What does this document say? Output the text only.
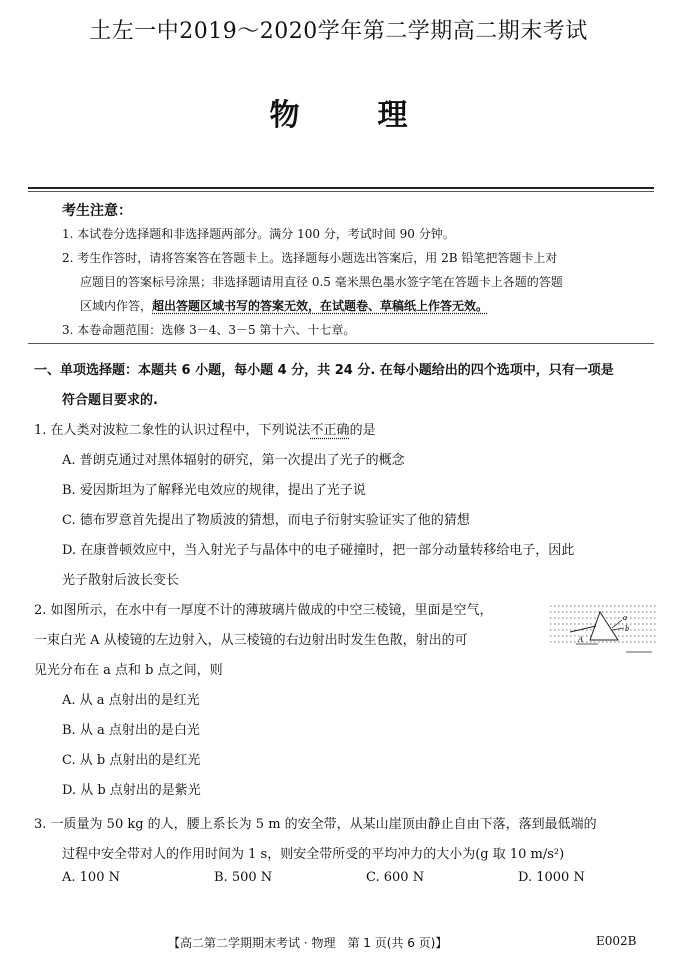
土左一中2019～2020学年第二学期高二期末考试
物理
考生注意：
1. 本试卷分选择题和非选择题两部分。满分 100 分，考试时间 90 分钟。
2. 考生作答时，请将答案答在答题卡上。选择题每小题选出答案后，用 2B 铅笔把答题卡上对
应题目的答案标号涂黑；非选择题请用直径 0.5 毫米黑色墨水签字笔在答题卡上各题的答题
区域内作答，超出答题区域书写的答案无效，在试题卷、草稿纸上作答无效。
3. 本卷命题范围：选修 3－4、3－5 第十六、十七章。
一、单项选择题：本题共 6 小题，每小题 4 分，共 24 分. 在每小题给出的四个选项中，只有一项是
符合题目要求的.
1. 在人类对波粒二象性的认识过程中，下列说法不正确的是
A. 普朗克通过对黑体辐射的研究，第一次提出了光子的概念
B. 爱因斯坦为了解释光电效应的规律，提出了光子说
C. 德布罗意首先提出了物质波的猜想，而电子衍射实验证实了他的猜想
D. 在康普顿效应中，当入射光子与晶体中的电子碰撞时，把一部分动量转移给电子，因此
光子散射后波长变长
2. 如图所示，在水中有一厚度不计的薄玻璃片做成的中空三棱镜，里面是空气，
一束白光 A 从棱镜的左边射入，从三棱镜的右边射出时发生色散，射出的可
见光分布在 a 点和 b 点之间，则
A
a
b
A. 从 a 点射出的是红光
B. 从 a 点射出的是白光
C. 从 b 点射出的是红光
D. 从 b 点射出的是紫光
3. 一质量为 50 kg 的人，腰上系长为 5 m 的安全带，从某山崖顶由静止自由下落，落到最低端的
过程中安全带对人的作用时间为 1 s，则安全带所受的平均冲力的大小为(g 取 10 m/s²)
A. 100 N	B. 500 N	C. 600 N	D. 1000 N
【高二第二学期期末考试 · 物理　第 1 页(共 6 页)】	E002B
